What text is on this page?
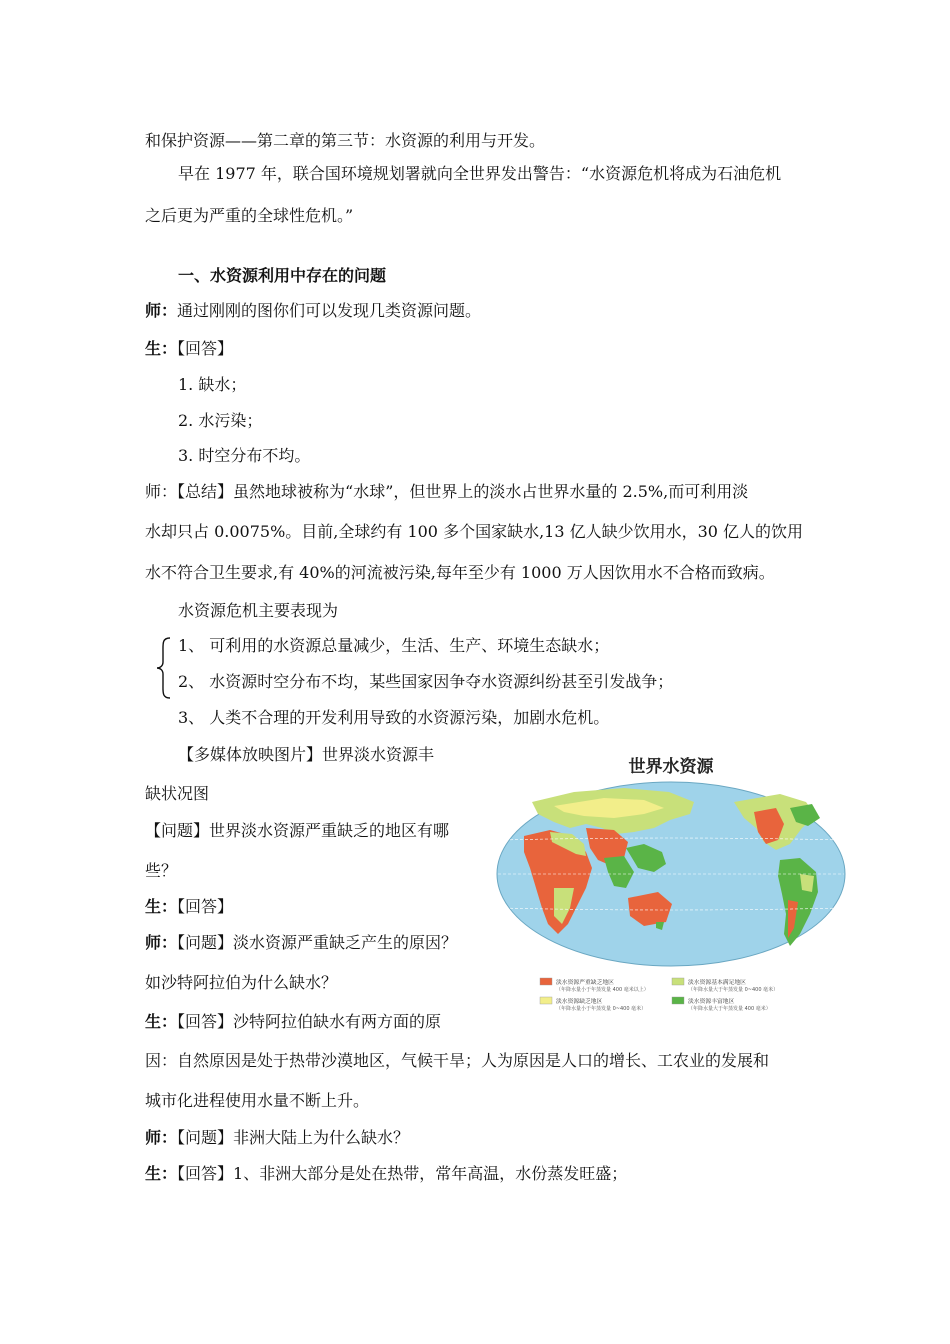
和保护资源——第二章的第三节：水资源的利用与开发。
早在 1977 年，联合国环境规划署就向全世界发出警告：“水资源危机将成为石油危机
之后更为严重的全球性危机。”
一、水资源利用中存在的问题
师：通过刚刚的图你们可以发现几类资源问题。
生：【回答】
1. 缺水；
2. 水污染；
3. 时空分布不均。
师：【总结】虽然地球被称为“水球”，但世界上的淡水占世界水量的 2.5%,而可利用淡
水却只占 0.0075%。目前,全球约有 100 多个国家缺水,13 亿人缺少饮用水，30 亿人的饮用
水不符合卫生要求,有 40%的河流被污染,每年至少有 1000 万人因饮用水不合格而致病。
水资源危机主要表现为
1、 可利用的水资源总量减少，生活、生产、环境生态缺水；
2、 水资源时空分布不均，某些国家因争夺水资源纠纷甚至引发战争；
3、 人类不合理的开发利用导致的水资源污染，加剧水危机。
【多媒体放映图片】世界淡水资源丰
缺状况图
【问题】世界淡水资源严重缺乏的地区有哪
些？
生：【回答】
师：【问题】淡水资源严重缺乏产生的原因？
如沙特阿拉伯为什么缺水？
生：【回答】沙特阿拉伯缺水有两方面的原
因：自然原因是处于热带沙漠地区，气候干旱；人为原因是人口的增长、工农业的发展和
城市化进程使用水量不断上升。
师：【问题】非洲大陆上为什么缺水？
生：【回答】1、非洲大部分是处在热带，常年高温，水份蒸发旺盛；
世界水资源
淡水资源严重缺乏地区
（年降水量小于年蒸发量 400 毫米以上）
淡水资源缺乏地区
（年降水量小于年蒸发量 0~400 毫米）
淡水资源基本满足地区
（年降水量大于年蒸发量 0~400 毫米）
淡水资源丰富地区
（年降水量大于年蒸发量 400 毫米）
